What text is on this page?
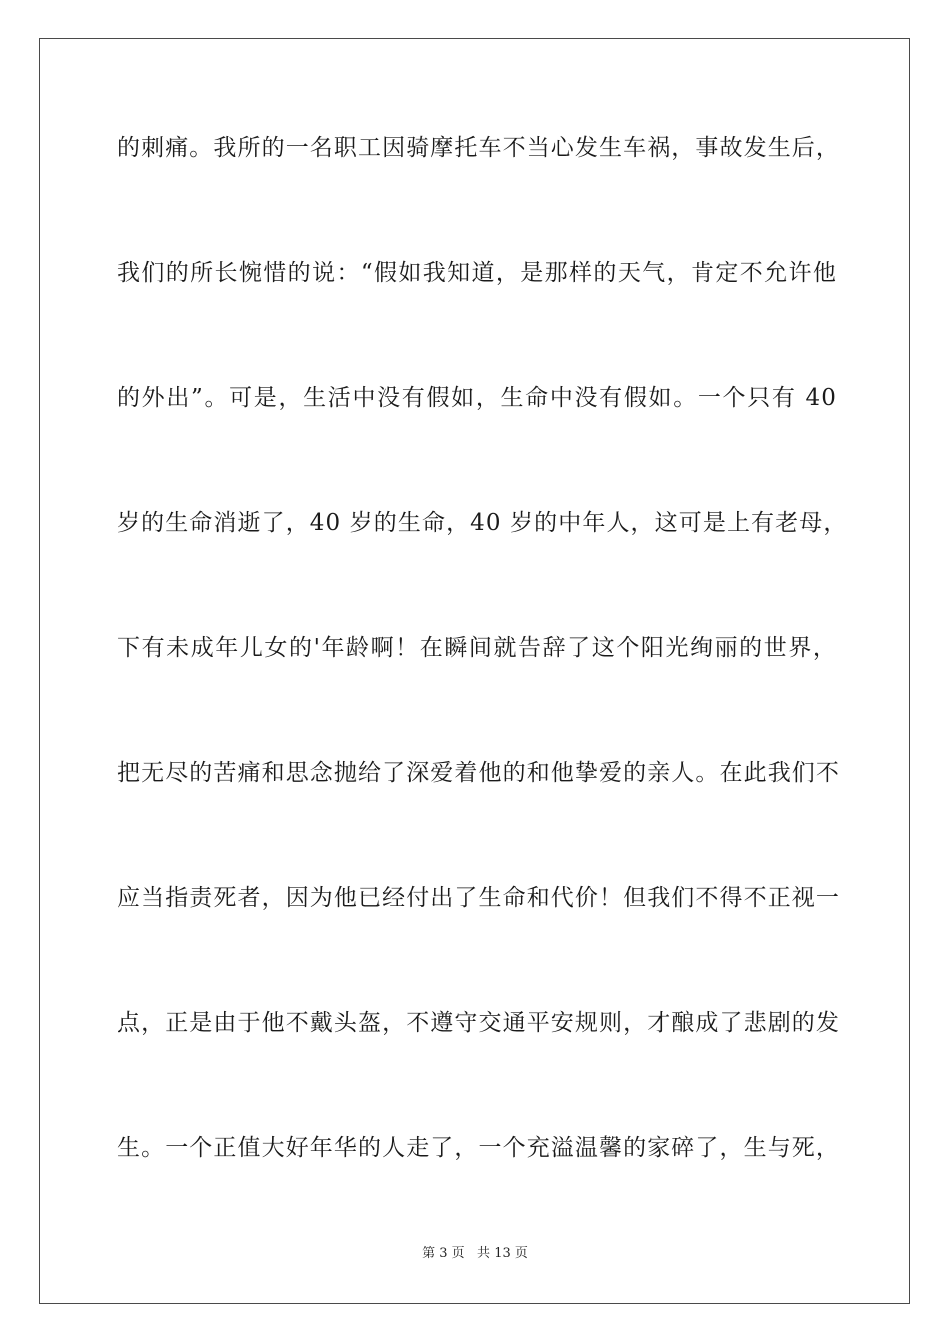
的刺痛。我所的一名职工因骑摩托车不当心发生车祸，事故发生后，
我们的所长惋惜的说：“假如我知道，是那样的天气，肯定不允许他
的外出”。可是，生活中没有假如，生命中没有假如。一个只有 40
岁的生命消逝了，40 岁的生命，40 岁的中年人，这可是上有老母，
下有未成年儿女的'年龄啊！在瞬间就告辞了这个阳光绚丽的世界，
把无尽的苦痛和思念抛给了深爱着他的和他挚爱的亲人。在此我们不
应当指责死者，因为他已经付出了生命和代价！但我们不得不正视一
点，正是由于他不戴头盔，不遵守交通平安规则，才酿成了悲剧的发
生。一个正值大好年华的人走了，一个充溢温馨的家碎了，生与死，
第 3 页   共 13 页
